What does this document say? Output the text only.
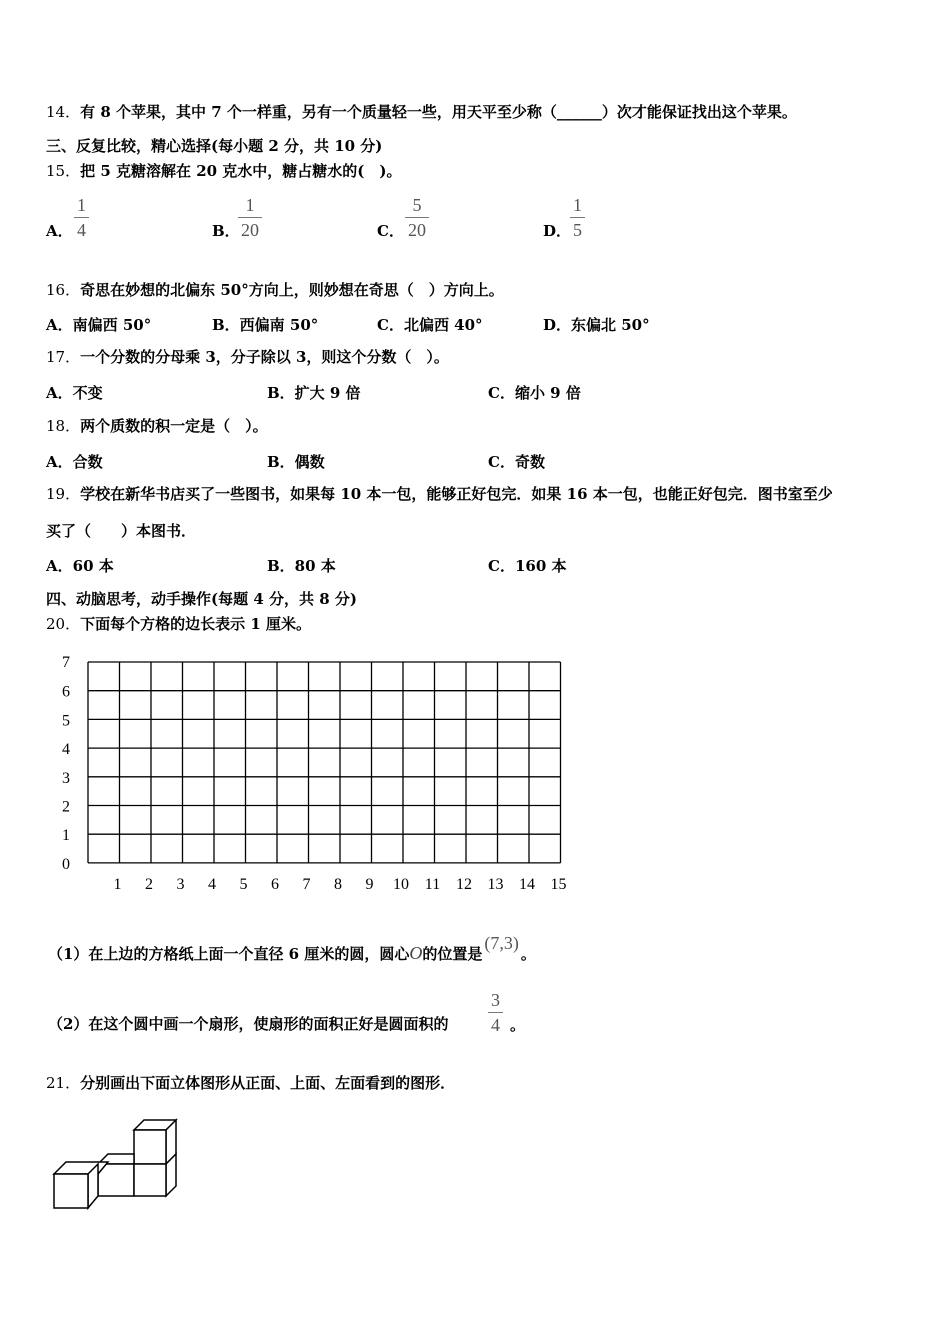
14．有 8 个苹果，其中 7 个一样重，另有一个质量轻一些，用天平至少称（______）次才能保证找出这个苹果。
三、反复比较，精心选择(每小题 2 分，共 10 分)
15．把 5 克糖溶解在 20 克水中，糖占糖水的(　)。
A．
1
4	B．
1
20	C．
5
20	D．
1
5
16．奇思在妙想的北偏东 50°方向上，则妙想在奇思（　）方向上。
A．南偏西 50°	B．西偏南 50°	C．北偏西 40°	D．东偏北 50°
17．一个分数的分母乘 3，分子除以 3，则这个分数（　）。
A．不变	B．扩大 9 倍	C．缩小 9 倍
18．两个质数的积一定是（　）。
A．合数	B．偶数	C．奇数
19．学校在新华书店买了一些图书，如果每 10 本一包，能够正好包完．如果 16 本一包，也能正好包完．图书室至少
买了（　　）本图书．
A．60 本	B．80 本	C．160 本
四、动脑思考，动手操作(每题 4 分，共 8 分)
20．下面每个方格的边长表示 1 厘米。
7
6
5
4
3
2
1
0
1 2 3 4 5 6 7 8 9 10 11 12 13 14 15
（1）在上边的方格纸上面一个直径 6 厘米的圆，圆心O的位置是(7,3)。
（2）在这个圆中画一个扇形，使扇形的面积正好是圆面积的
3
4 。
21．分别画出下面立体图形从正面、上面、左面看到的图形．
